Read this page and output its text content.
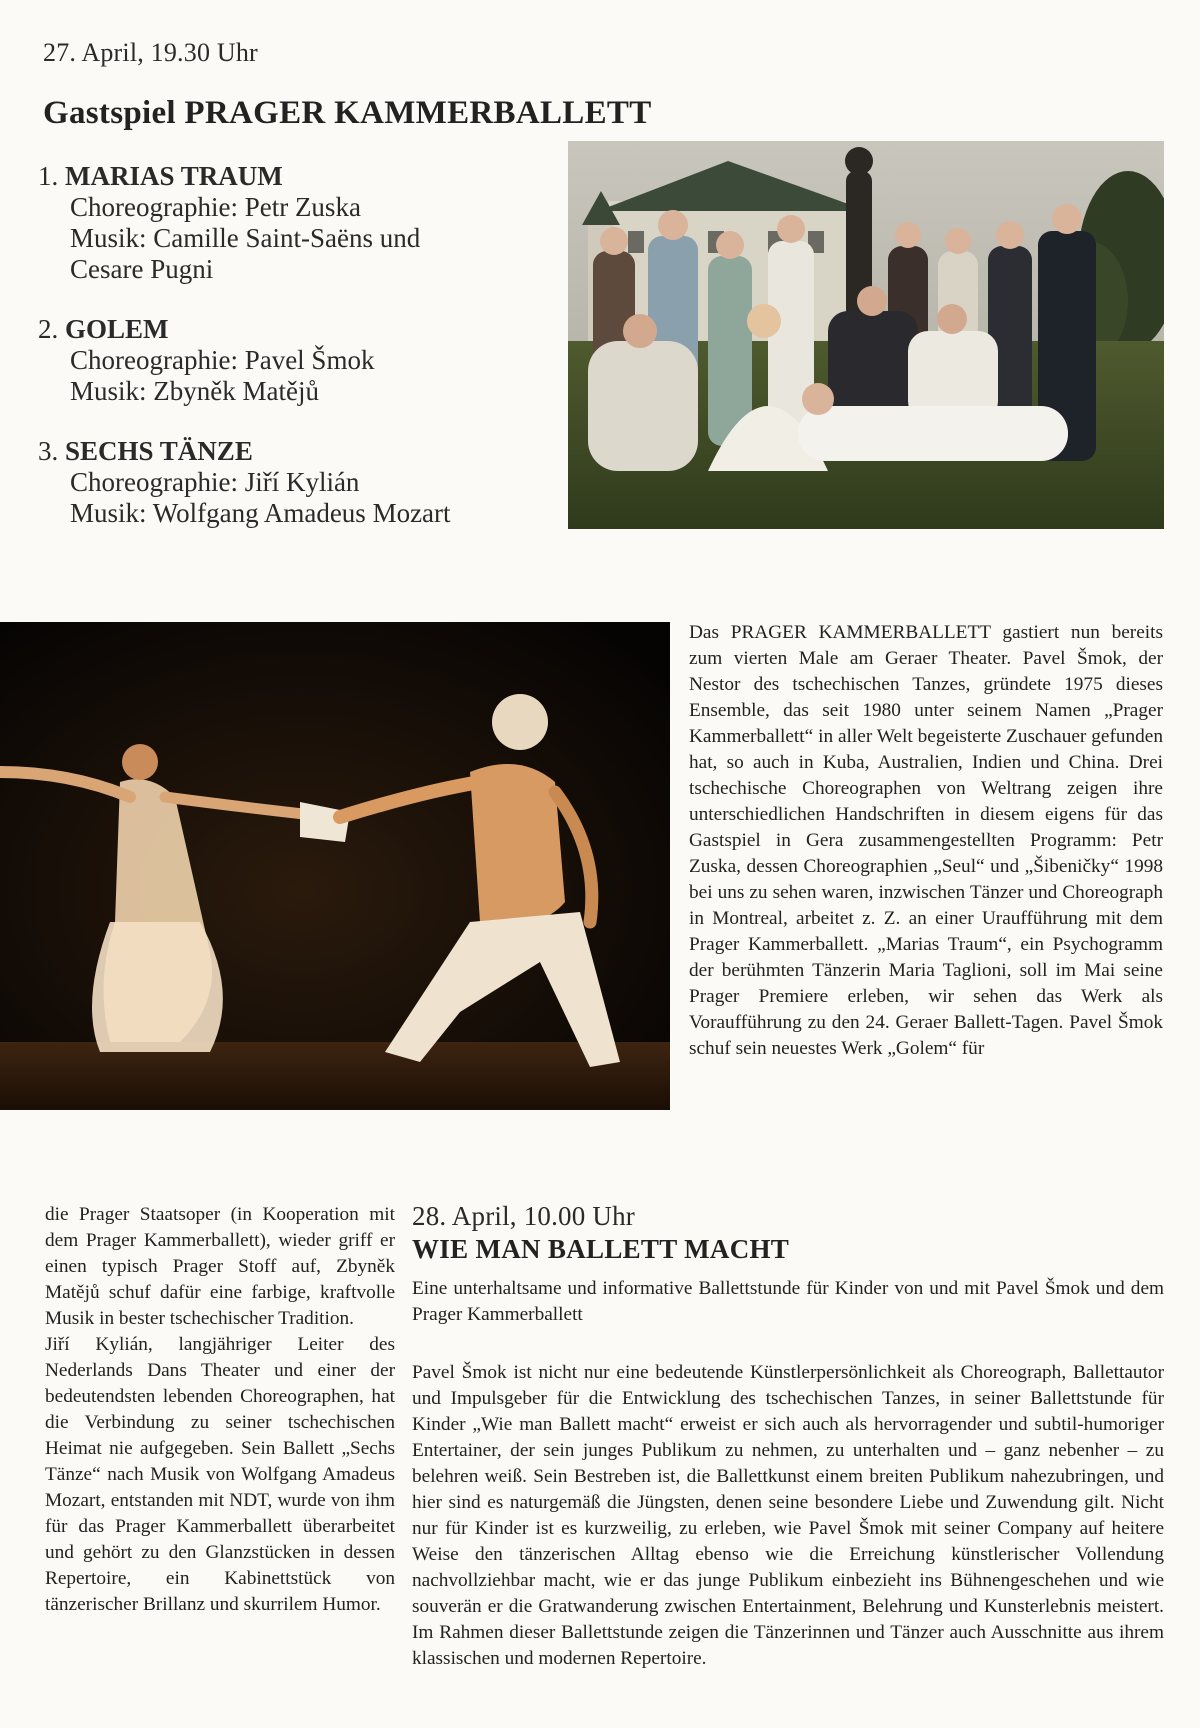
27. April, 19.30 Uhr
Gastspiel PRAGER KAMMERBALLETT
1. MARIAS TRAUM
Choreographie: Petr Zuska
Musik: Camille Saint-Saëns und
Cesare Pugni
2. GOLEM
Choreographie: Pavel Šmok
Musik: Zbyněk Matějů
3. SECHS TÄNZE
Choreographie: Jiří Kylián
Musik: Wolfgang Amadeus Mozart

Das PRAGER KAMMERBALLETT gastiert nun bereits zum vierten Male am Geraer Theater. Pavel Šmok, der Nestor des tschechischen Tanzes, gründete 1975 dieses Ensemble, das seit 1980 unter seinem Namen „Prager Kammerballett“ in aller Welt begeisterte Zuschauer gefunden hat, so auch in Kuba, Australien, Indien und China. Drei tschechische Choreographen von Weltrang zeigen ihre unterschiedlichen Handschriften in diesem eigens für das Gastspiel in Gera zusammengestellten Programm: Petr Zuska, dessen Choreographien „Seul“ und „Šibeničky“ 1998 bei uns zu sehen waren, inzwischen Tänzer und Choreograph in Montreal, arbeitet z. Z. an einer Uraufführung mit dem Prager Kammerballett. „Marias Traum“, ein Psychogramm der berühmten Tänzerin Maria Taglioni, soll im Mai seine Prager Premiere erleben, wir sehen das Werk als Voraufführung zu den 24. Geraer Ballett-Tagen. Pavel Šmok schuf sein neuestes Werk „Golem“ für

die Prager Staatsoper (in Kooperation mit dem Prager Kammerballett), wieder griff er einen typisch Prager Stoff auf, Zbyněk Matějů schuf dafür eine farbige, kraftvolle Musik in bester tschechischer Tradition.

Jiří Kylián, langjähriger Leiter des Nederlands Dans Theater und einer der bedeutendsten lebenden Choreographen, hat die Verbindung zu seiner tschechischen Heimat nie aufgegeben. Sein Ballett „Sechs Tänze“ nach Musik von Wolfgang Amadeus Mozart, entstanden mit NDT, wurde von ihm für das Prager Kammerballett überarbeitet und gehört zu den Glanzstücken in dessen Repertoire, ein Kabinettstück von tänzerischer Brillanz und skurrilem Humor.

28. April, 10.00 Uhr
WIE MAN BALLETT MACHT

Eine unterhaltsame und informative Ballettstunde für Kinder von und mit Pavel Šmok und dem Prager Kammerballett

Pavel Šmok ist nicht nur eine bedeutende Künstlerpersönlichkeit als Choreograph, Ballettautor und Impulsgeber für die Entwicklung des tschechischen Tanzes, in seiner Ballettstunde für Kinder „Wie man Ballett macht“ erweist er sich auch als hervorragender und subtil-humoriger Entertainer, der sein junges Publikum zu nehmen, zu unterhalten und – ganz nebenher – zu belehren weiß. Sein Bestreben ist, die Ballettkunst einem breiten Publikum nahezubringen, und hier sind es naturgemäß die Jüngsten, denen seine besondere Liebe und Zuwendung gilt. Nicht nur für Kinder ist es kurzweilig, zu erleben, wie Pavel Šmok mit seiner Company auf heitere Weise den tänzerischen Alltag ebenso wie die Erreichung künstlerischer Vollendung nachvollziehbar macht, wie er das junge Publikum einbezieht ins Bühnengeschehen und wie souverän er die Gratwanderung zwischen Entertainment, Belehrung und Kunsterlebnis meistert. Im Rahmen dieser Ballettstunde zeigen die Tänzerinnen und Tänzer auch Ausschnitte aus ihrem klassischen und modernen Repertoire.
